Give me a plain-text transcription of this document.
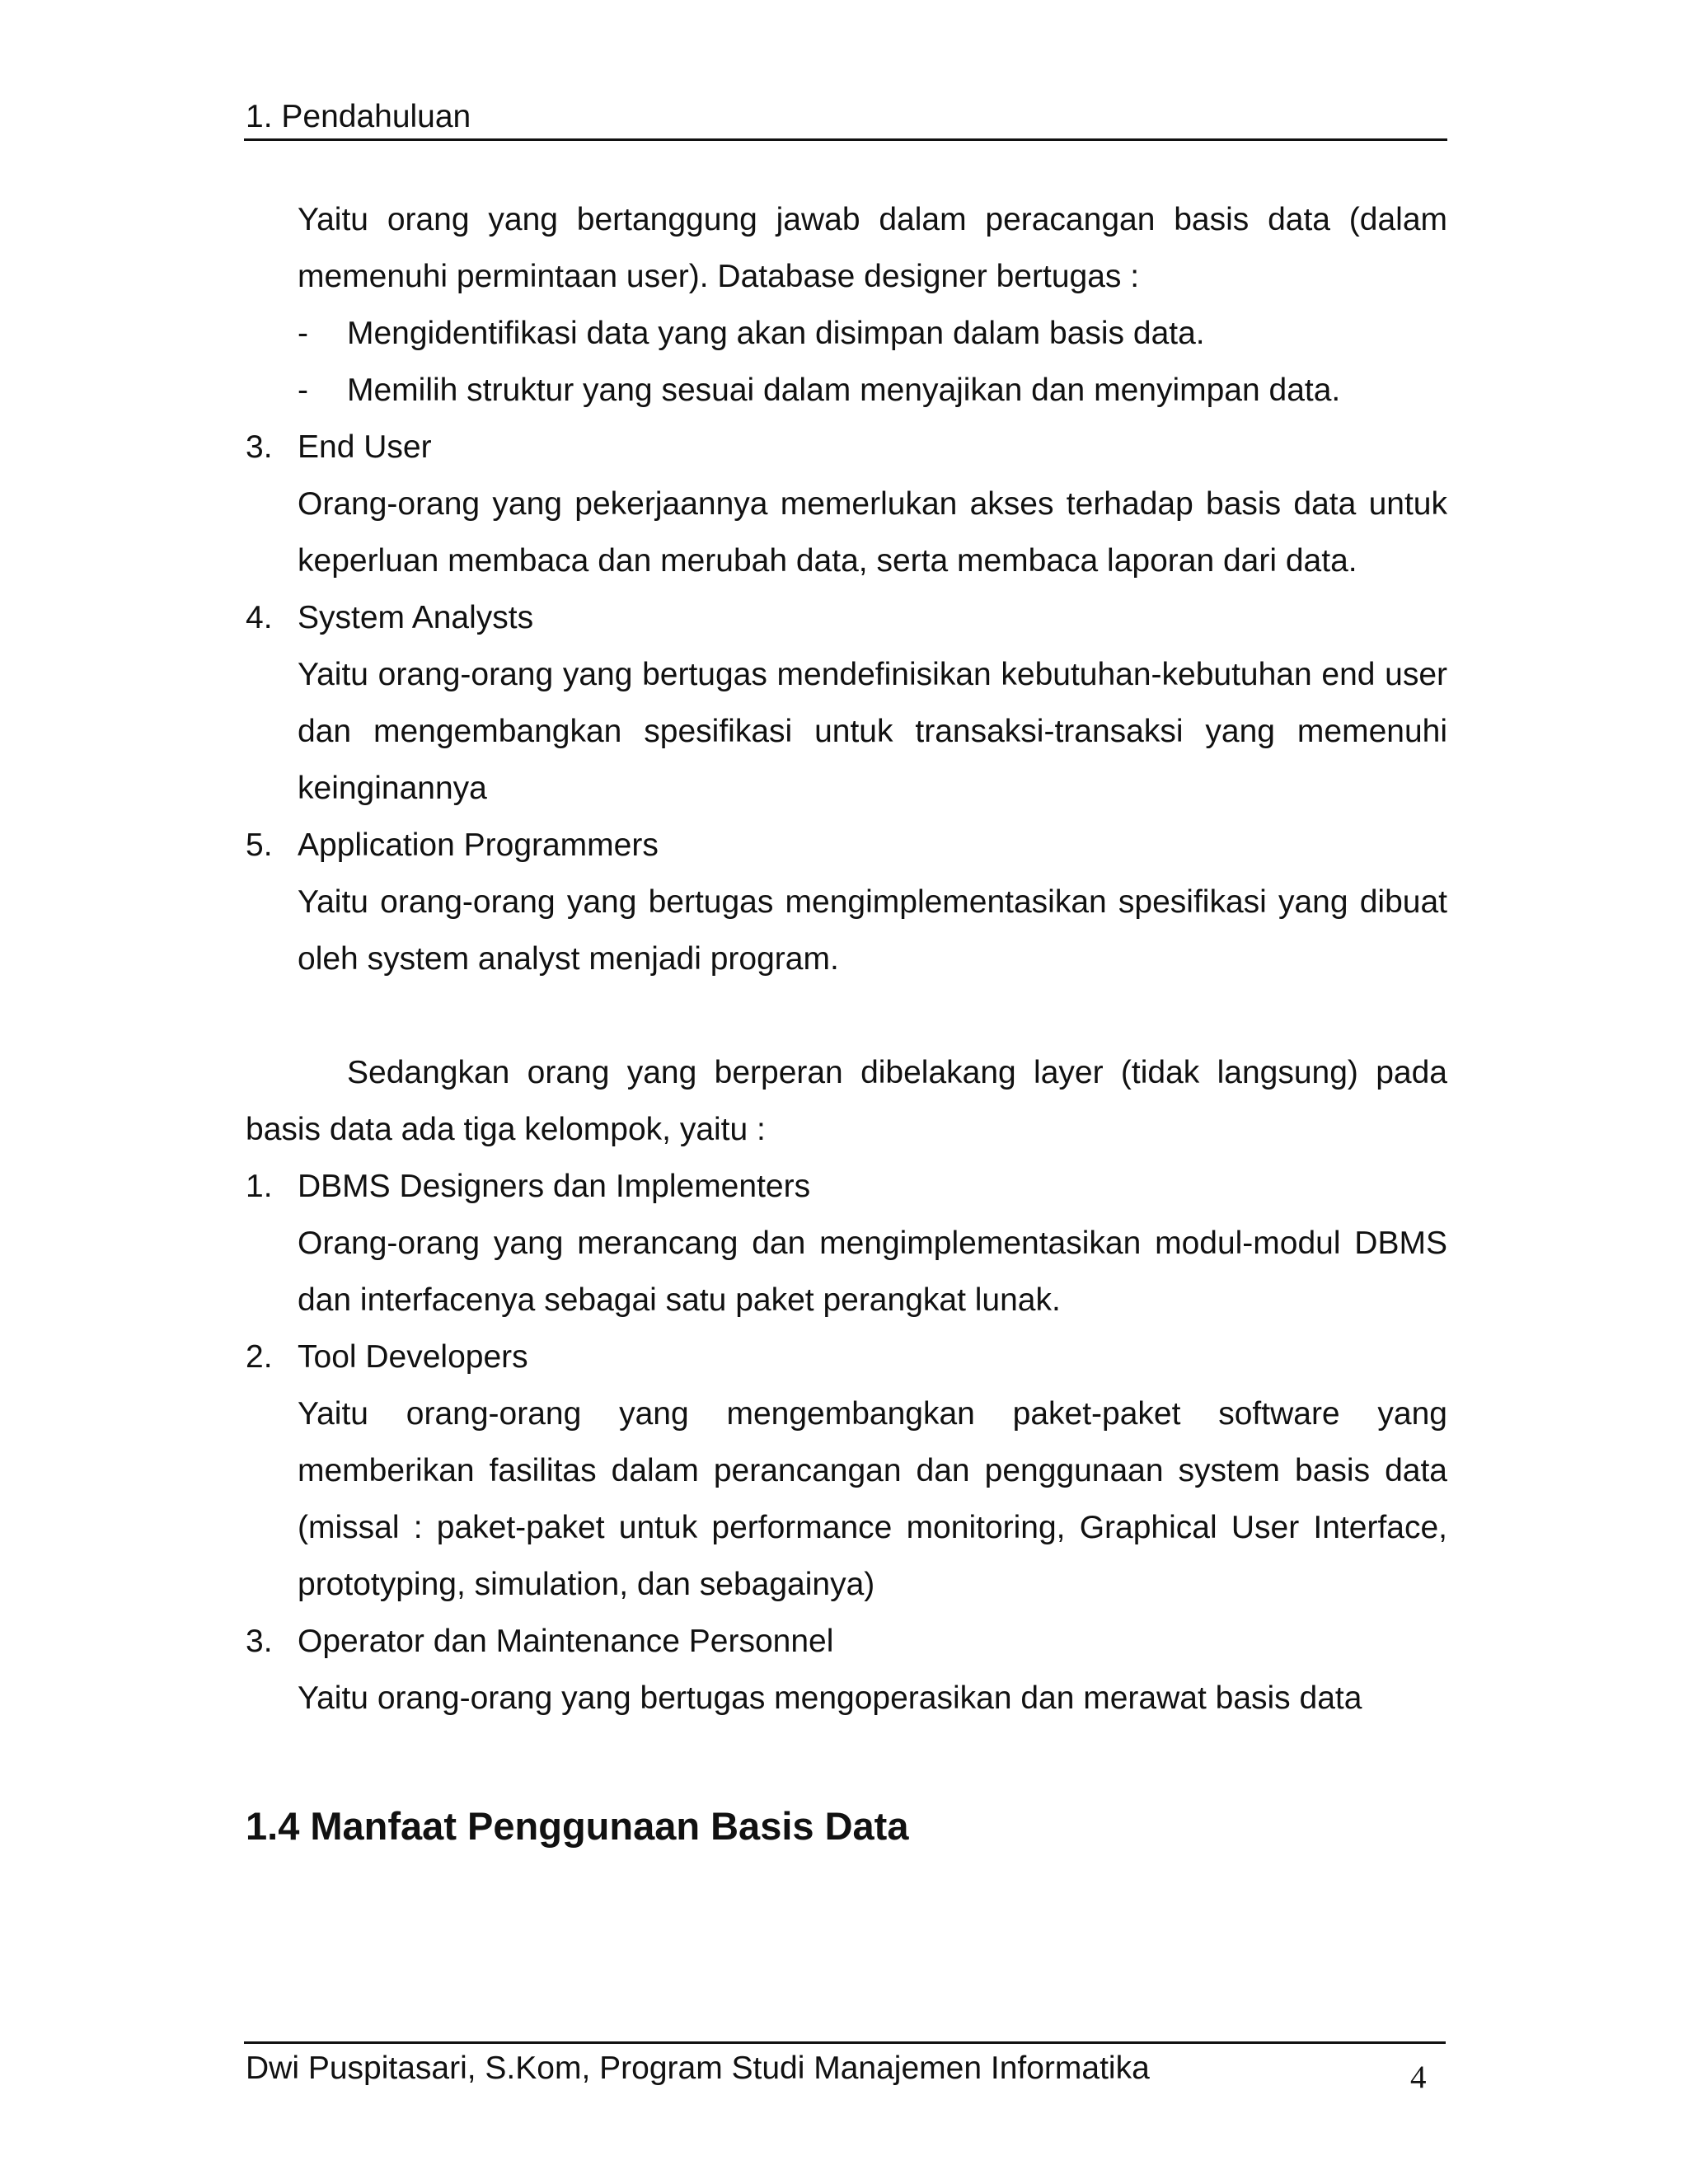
1. Pendahuluan

Yaitu orang yang bertanggung jawab dalam peracangan basis data (dalam memenuhi permintaan user). Database designer bertugas :

- Mengidentifikasi data yang akan disimpan dalam basis data.
- Memilih struktur yang sesuai dalam menyajikan dan menyimpan data.
3. End User

Orang-orang yang pekerjaannya memerlukan akses terhadap basis data untuk keperluan membaca dan merubah data, serta membaca laporan dari data.

4. System Analysts

Yaitu orang-orang yang bertugas mendefinisikan kebutuhan-kebutuhan end user dan mengembangkan spesifikasi untuk transaksi-transaksi yang memenuhi keinginannya

5. Application Programmers

Yaitu orang-orang yang bertugas mengimplementasikan spesifikasi yang dibuat oleh system analyst menjadi program.

Sedangkan orang yang berperan dibelakang layer (tidak langsung) pada basis data ada tiga kelompok, yaitu :

1. DBMS Designers dan Implementers

Orang-orang yang merancang dan mengimplementasikan modul-modul DBMS dan interfacenya sebagai satu paket perangkat lunak.

2. Tool Developers

Yaitu orang-orang yang mengembangkan paket-paket software yang memberikan fasilitas dalam perancangan dan penggunaan system basis data (missal : paket-paket untuk performance monitoring, Graphical User Interface, prototyping, simulation, dan sebagainya)

3. Operator dan Maintenance Personnel

Yaitu orang-orang yang bertugas mengoperasikan dan merawat basis data

1.4 Manfaat Penggunaan Basis Data
Dwi Puspitasari, S.Kom, Program Studi Manajemen Informatika	4
